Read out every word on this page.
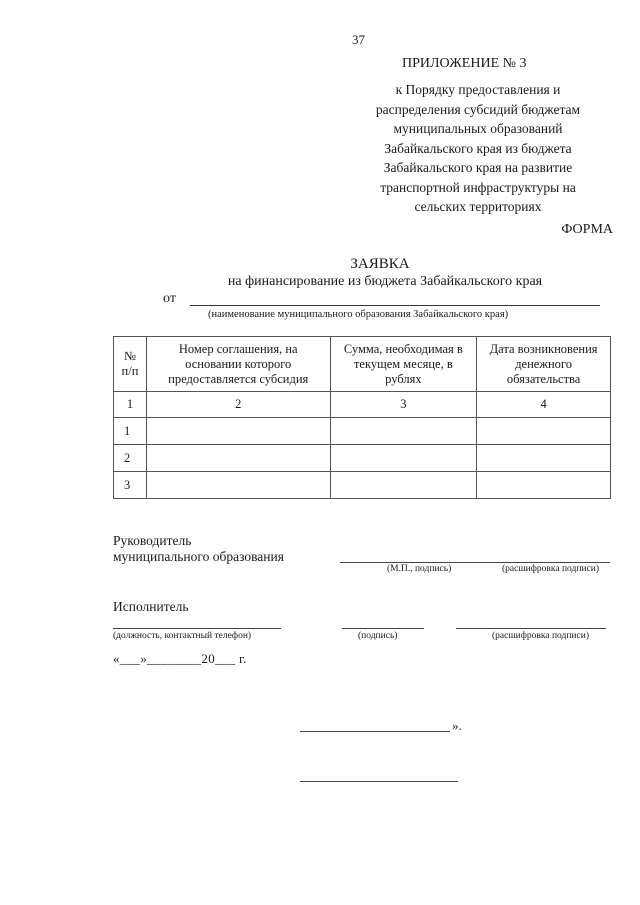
37
ПРИЛОЖЕНИЕ № 3
к Порядку предоставления и
распределения субсидий бюджетам
муниципальных образований
Забайкальского края из бюджета
Забайкальского края на развитие
транспортной инфраструктуры на
сельских территориях
ФОРМА
ЗАЯВКА
на финансирование из бюджета Забайкальского края
от
(наименование муниципального образования Забайкальского края)
№ п/п	Номер соглашения, на основании которого предоставляется субсидия	Сумма, необходимая в текущем месяце, в рублях	Дата возникновения денежного обязательства
1	2	3	4
1			
2			
3			
Руководитель
муниципального образования
(М.П., подпись)	(расшифровка подписи)
Исполнитель
(должность, контактный телефон)	(подпись)	(расшифровка подписи)
«___»________20___ г.
».
